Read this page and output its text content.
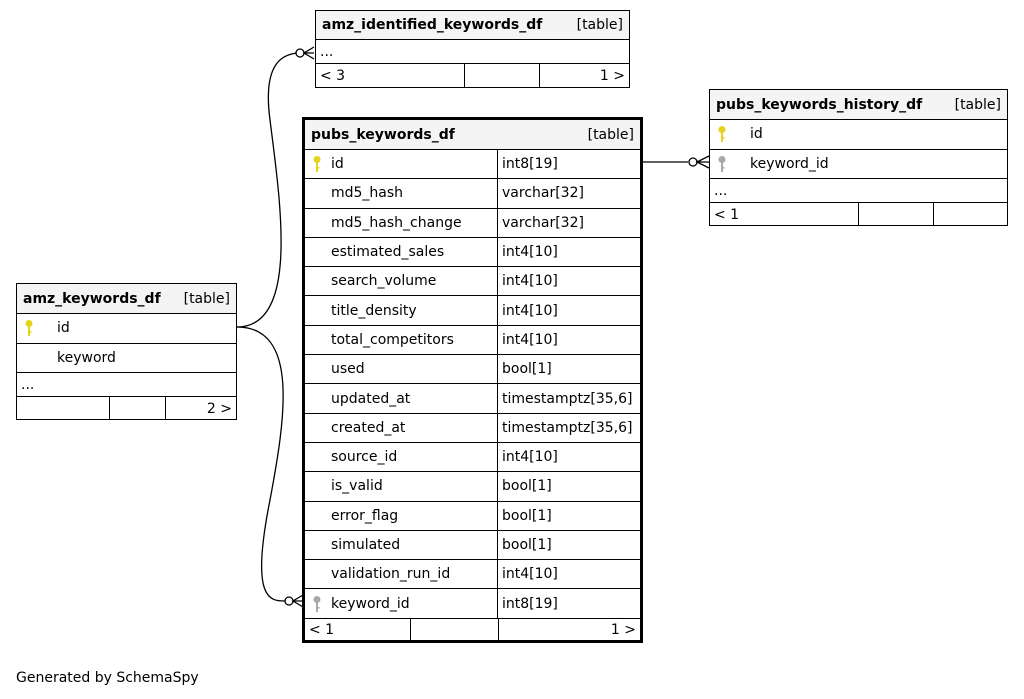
amz_identified_keywords_df [table]
...
< 3	1 >
pubs_keywords_df	[table]
id	int8[19]
md5_hash	varchar[32]
md5_hash_change	varchar[32]
estimated_sales	int4[10]
search_volume	int4[10]
title_density	int4[10]
total_competitors	int4[10]
used	bool[1]
updated_at	timestamptz[35,6]
created_at	timestamptz[35,6]
source_id	int4[10]
is_valid	bool[1]
error_flag	bool[1]
simulated	bool[1]
validation_run_id	int4[10]
keyword_id	int8[19]
< 1	1 >
pubs_keywords_history_df [table]
id
keyword_id
...
< 1
amz_keywords_df [table]
id
keyword
...
2 >
Generated by SchemaSpy
